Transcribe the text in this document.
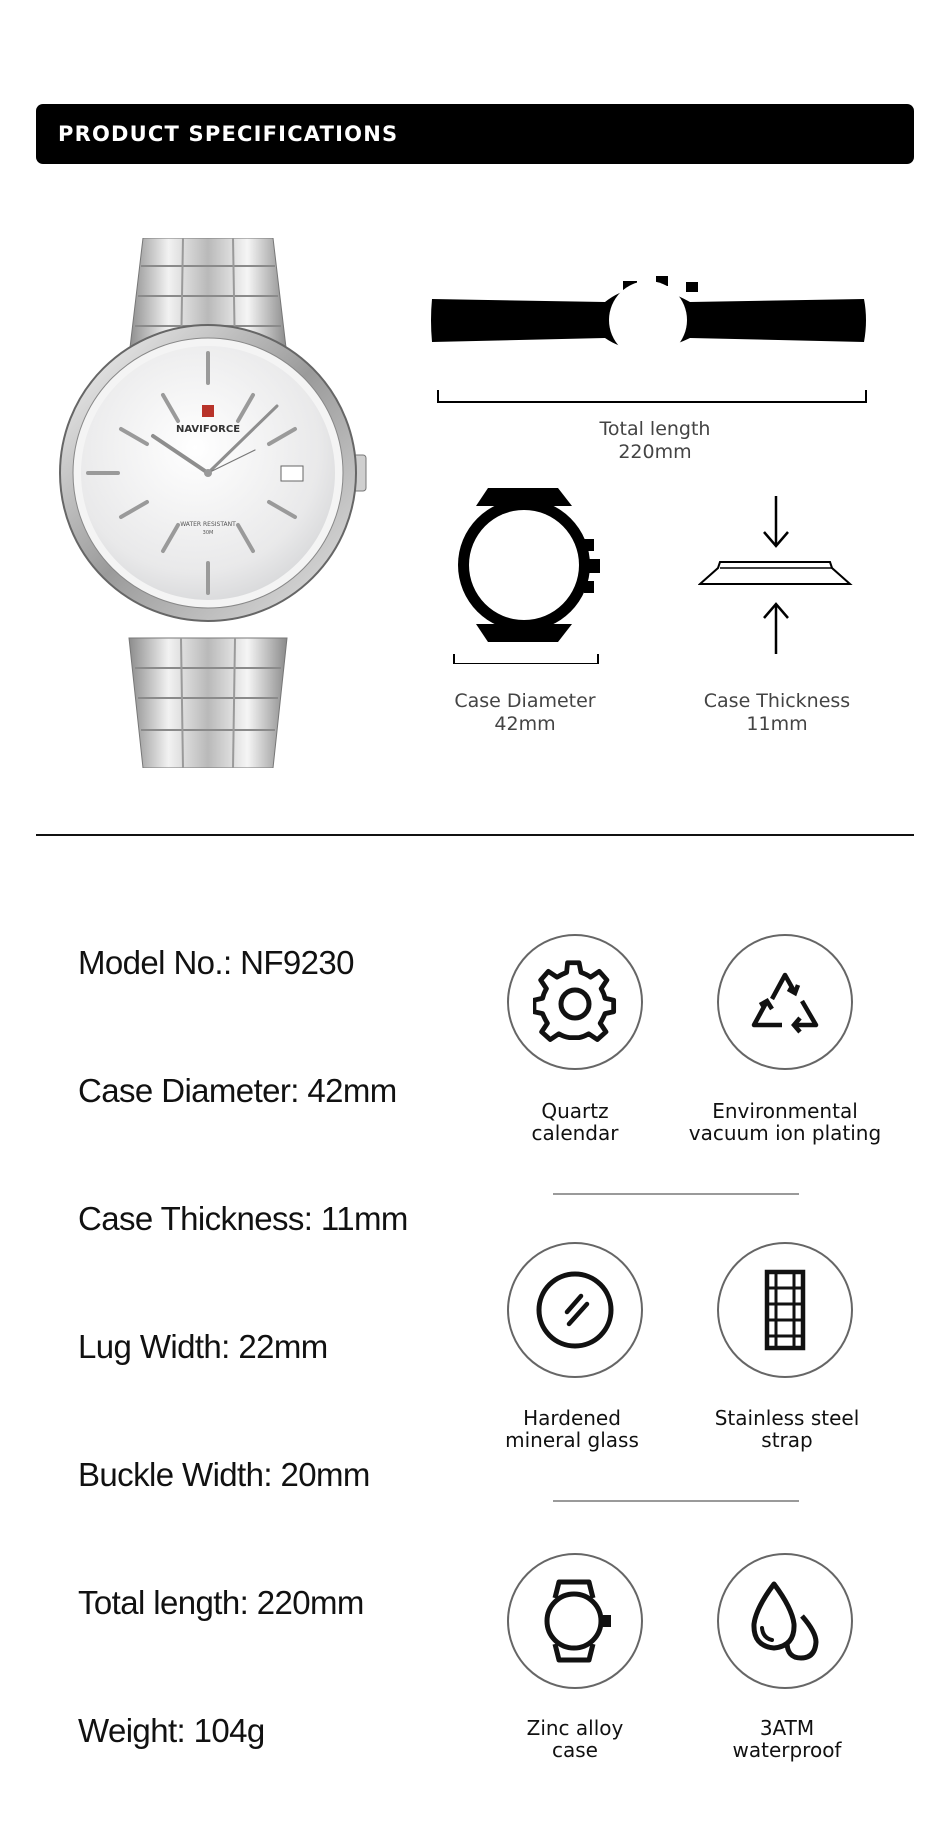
PRODUCT SPECIFICATIONS
NAVIFORCE
WATER RESISTANT
30M
Total length
220mm
Case Diameter
42mm
Case Thickness
11mm
Model No.: NF9230
Case Diameter: 42mm
Case Thickness: 11mm
Lug Width: 22mm
Buckle Width: 20mm
Total length: 220mm
Weight: 104g
Quartz
calendar
Environmental
vacuum ion plating
Hardened
mineral glass
Stainless steel
strap
Zinc alloy
case
3ATM
waterproof
